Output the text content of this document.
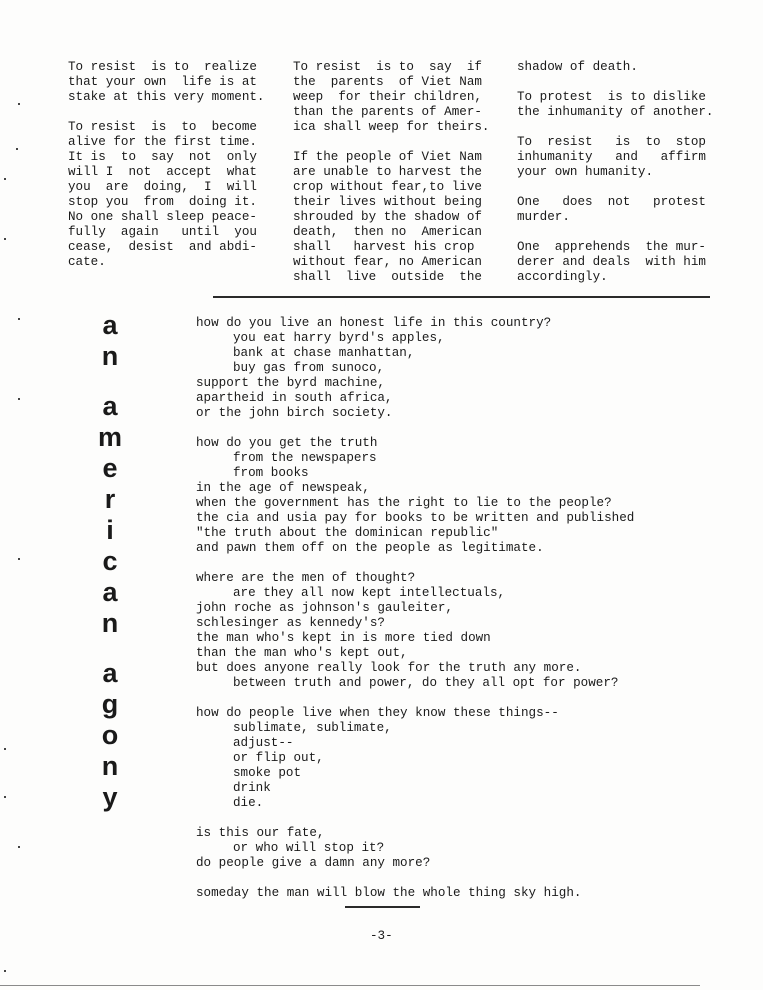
To resist  is to  realize
that your own  life is at
stake at this very moment.
To resist  is  to  become
alive for the first time.
It is  to  say  not  only
will I  not  accept  what
you  are  doing,  I  will
stop you  from  doing it.
No one shall sleep peace-
fully  again   until  you
cease,  desist  and abdi-
cate.
To resist  is to  say  if
the  parents  of Viet Nam
weep  for their children,
than the parents of Amer-
ica shall weep for theirs.
If the people of Viet Nam
are unable to harvest the
crop without fear,to live
their lives without being
shrouded by the shadow of
death,  then no  American
shall   harvest his crop
without fear, no American
shall  live  outside  the
shadow of death.
To protest  is to dislike
the inhumanity of another.
To  resist   is  to  stop
inhumanity   and   affirm
your own humanity.
One   does  not   protest
murder.
One  apprehends  the mur-
derer and deals  with him
accordingly.
a
n
a
m
e
r
i
c
a
n
a
g
o
n
y
how do you live an honest life in this country?
you eat harry byrd's apples,
bank at chase manhattan,
buy gas from sunoco,
support the byrd machine,
apartheid in south africa,
or the john birch society.
how do you get the truth
from the newspapers
from books
in the age of newspeak,
when the government has the right to lie to the people?
the cia and usia pay for books to be written and published
"the truth about the dominican republic"
and pawn them off on the people as legitimate.
where are the men of thought?
are they all now kept intellectuals,
john roche as johnson's gauleiter,
schlesinger as kennedy's?
the man who's kept in is more tied down
than the man who's kept out,
but does anyone really look for the truth any more.
between truth and power, do they all opt for power?
how do people live when they know these things--
sublimate, sublimate,
adjust--
or flip out,
smoke pot
drink
die.
is this our fate,
or who will stop it?
do people give a damn any more?
someday the man will blow the whole thing sky high.
-3-
